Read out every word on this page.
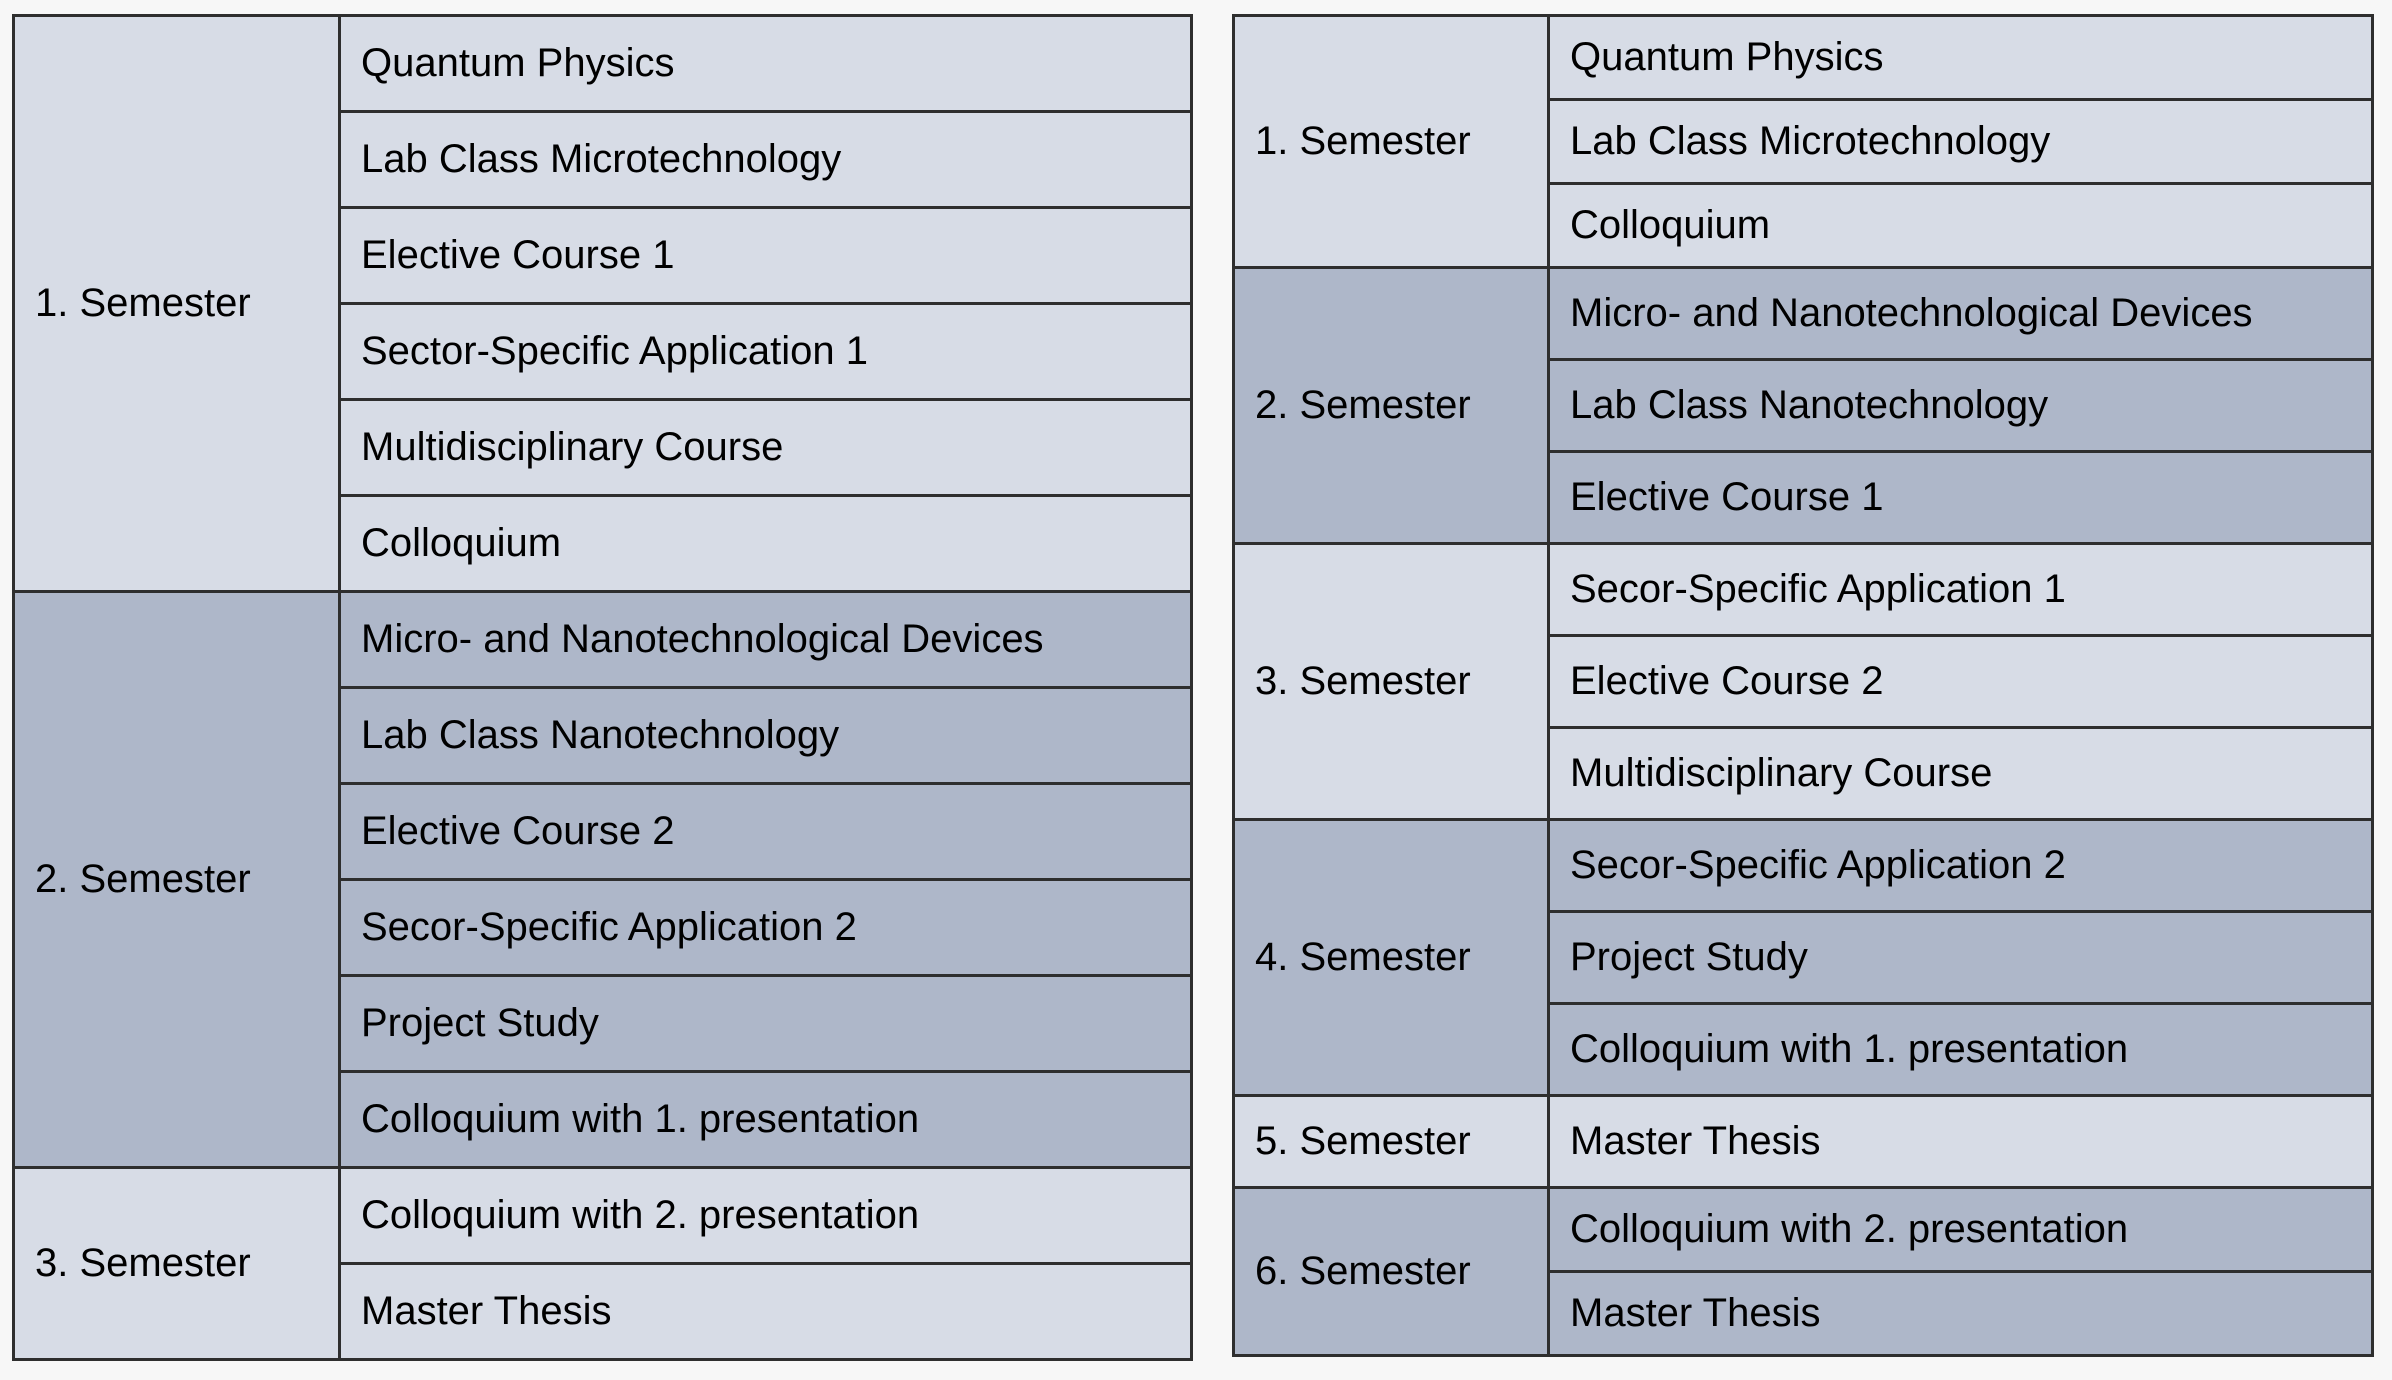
1. Semester	Quantum Physics
	Lab Class Microtechnology
	Elective Course 1
	Sector-Specific Application 1
	Multidisciplinary Course
	Colloquium
2. Semester	Micro- and Nanotechnological Devices
	Lab Class Nanotechnology
	Elective Course 2
	Secor-Specific Application 2
	Project Study
	Colloquium with 1. presentation
3. Semester	Colloquium with 2. presentation
	Master Thesis
1. Semester	Quantum Physics
	Lab Class Microtechnology
	Colloquium
2. Semester	Micro- and Nanotechnological Devices
	Lab Class Nanotechnology
	Elective Course 1
3. Semester	Secor-Specific Application 1
	Elective Course 2
	Multidisciplinary Course
4. Semester	Secor-Specific Application 2
	Project Study
	Colloquium with 1. presentation
5. Semester	Master Thesis
6. Semester	Colloquium with 2. presentation
	Master Thesis
